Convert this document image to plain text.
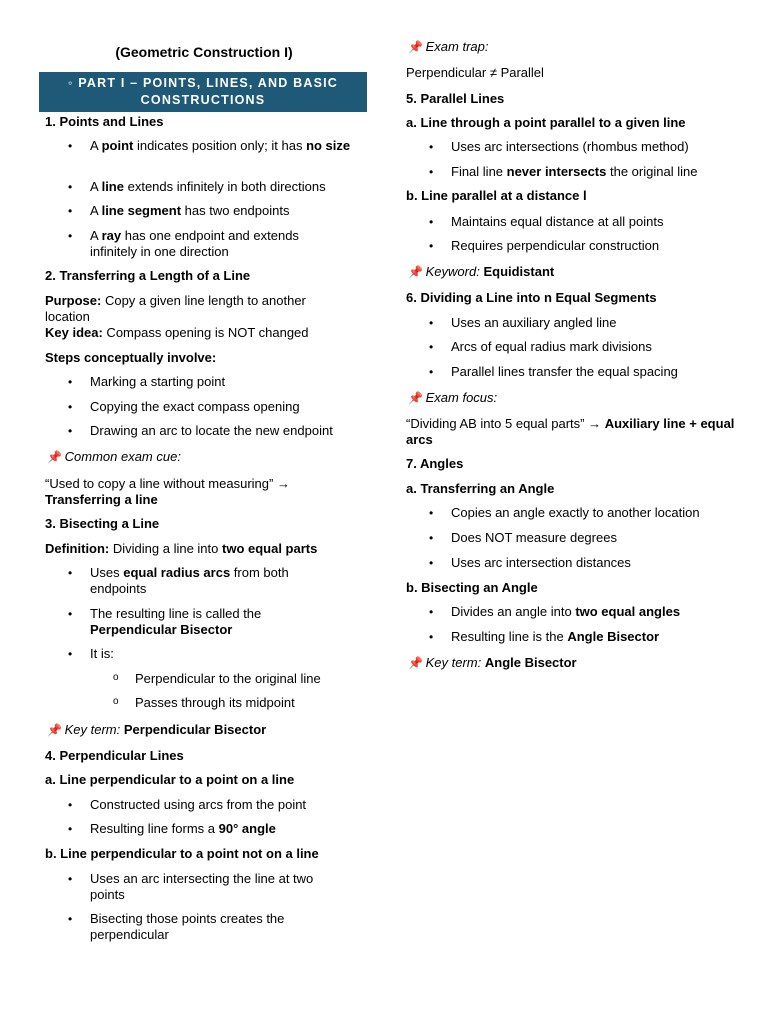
(Geometric Construction I)
◦ PART I – POINTS, LINES, AND BASIC CONSTRUCTIONS
1. Points and Lines
• A point indicates position only; it has no size
• A line extends infinitely in both directions
• A line segment has two endpoints
• A ray has one endpoint and extends infinitely in one direction
2. Transferring a Length of a Line
Purpose: Copy a given line length to another location
Key idea: Compass opening is NOT changed
Steps conceptually involve:
• Marking a starting point
• Copying the exact compass opening
• Drawing an arc to locate the new endpoint
📌 Common exam cue:
“Used to copy a line without measuring” →
Transferring a line
3. Bisecting a Line
Definition: Dividing a line into two equal parts
• Uses equal radius arcs from both endpoints
• The resulting line is called the Perpendicular Bisector
• It is:
o Perpendicular to the original line
o Passes through its midpoint
📌 Key term: Perpendicular Bisector
4. Perpendicular Lines
a. Line perpendicular to a point on a line
• Constructed using arcs from the point
• Resulting line forms a 90° angle
b. Line perpendicular to a point not on a line
• Uses an arc intersecting the line at two points
• Bisecting those points creates the perpendicular
📌 Exam trap:
Perpendicular ≠ Parallel
5. Parallel Lines
a. Line through a point parallel to a given line
• Uses arc intersections (rhombus method)
• Final line never intersects the original line
b. Line parallel at a distance l
• Maintains equal distance at all points
• Requires perpendicular construction
📌 Keyword: Equidistant
6. Dividing a Line into n Equal Segments
• Uses an auxiliary angled line
• Arcs of equal radius mark divisions
• Parallel lines transfer the equal spacing
📌 Exam focus:
“Dividing AB into 5 equal parts” → Auxiliary line + equal arcs
7. Angles
a. Transferring an Angle
• Copies an angle exactly to another location
• Does NOT measure degrees
• Uses arc intersection distances
b. Bisecting an Angle
• Divides an angle into two equal angles
• Resulting line is the Angle Bisector
📌 Key term: Angle Bisector
